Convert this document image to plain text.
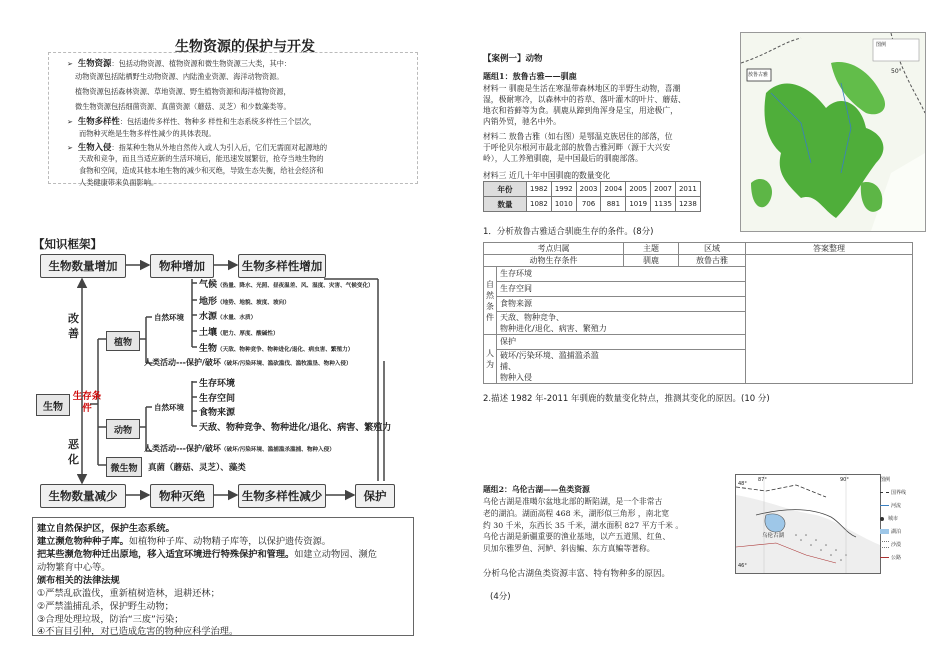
生物资源的保护与开发
➢ 生物资源：包括动物资源、植物资源和微生物资源三大类，其中：
动物资源包括陆栖野生动物资源、内陆渔业资源、海洋动物资源。
植物资源包括森林资源、草地资源、野生植物资源和海洋植物资源，
微生物资源包括细菌资源、真菌资源（蘑菇、灵芝）和少数藻类等。
➢ 生物多样性：包括遗传多样性、物种多 样性和生态系统多样性三个层次，
而物种灭绝是生物多样性减少的具体表现。
➢ 生物入侵：指某种生物从外地自然传入或人为引入后，它们无需面对起源地的
天敌和竞争，而且当适应新的生活环境后，能迅速发展繁衍，抢夺当地生物的
食物和空间，造成其他本地生物的减少和灭绝，导致生态失衡，给社会经济和
人类健康带来负面影响。
【知识框架】
生物数量增加	物种增加	生物多样性增加
改善
恶化
生物
生存条件
植物
自然环境
气候（热量、降水、光照、昼夜温差、风、湿度、灾害、气候变化）
地形（地势、地貌、坡度、坡向）
水源（水量、水质）
土壤（肥力、厚度、酸碱性）
生物（天敌、物种竞争、物种进化/退化、病虫害、繁殖力）
人类活动---保护/破坏（破坏/污染环境、滥砍滥伐、滥牧滥垦、物种入侵）
动物
自然环境
生存环境
生存空间
食物来源
天敌、物种竞争、物种进化/退化、病害、繁殖力
人类活动---保护/破坏（破坏/污染环境、滥捕滥杀滥捕、物种入侵）
微生物	真菌（蘑菇、灵芝）、藻类
生物数量减少	物种灭绝	生物多样性减少	保护
建立自然保护区，保护生态系统。
建立濒危物种种子库。如植物种子库、动物精子库等，以保护遗传资源。
把某些濒危物种迁出原地，移入适宜环境进行特殊保护和管理。如建立动物园、濒危
动物繁育中心等。
颁布相关的法律法规
①严禁乱砍滥伐，重新植树造林，退耕还林；
②严禁滥捕乱杀，保护野生动物；
③合理处理垃圾，防治“三废”污染；
④不盲目引种，对已造成危害的物种应科学治理。
【案例一】动物
题组1：敖鲁古雅——驯鹿
材料一 驯鹿是生活在寒温带森林地区的半野生动物，喜潮
湿，极耐寒冷，以森林中的苔草、落叶灌木的叶片、蘑菇、
地衣和苔藓等为食。驯鹿从蹄到角浑身是宝，用途极广，
内销外贸，驰名中外。
材料二 敖鲁古雅（如右图）是鄂温克族居住的部落，位
于呼伦贝尔根河市最北部的敖鲁古雅河畔（源于大兴安
岭），人工养殖驯鹿，是中国最后的驯鹿部落。
材料三 近几十年中国驯鹿的数量变化
年份	1982	1992	2003	2004	2005	2007	2011
数量	1082	1010	706	881	1019	1135	1238
敖鲁古雅	50°
图例
1．分析敖鲁古雅适合驯鹿生存的条件。(8分)
考点归属		主题	区域	答案整理
动物生存条件		驯鹿	敖鲁古雅	
自然条件	生存环境
生存空间
食物来源
天敌、物种竞争、
物种进化/退化、病害、繁殖力			

人为	保护
破坏/污染环境、滥捕滥杀滥
捕、
物种入侵			
2.描述 1982 年-2011 年驯鹿的数量变化特点，推测其变化的原因。(10 分)
题组2：乌伦古湖——鱼类资源
乌伦古湖是准噶尔盆地北部的断陷湖，是一个非常古
老的湖泊。湖面高程 468 米，湖形似三角形 ，南北宽
约 30 千米，东西长 35 千米，湖水面积 827 平方千米 。
乌伦古湖是新疆重要的渔业基地，以产五道黑、红鱼、
贝加尔雅罗鱼、河鲈、斜齿鳊、东方真鳊等著称。
分析乌伦古湖鱼类资源丰富、特有物种多的原因。
(4分)
87°	90°
48°
46°
乌伦古湖
图例
国界线
河流
城市
湖泊
沙漠
公路
